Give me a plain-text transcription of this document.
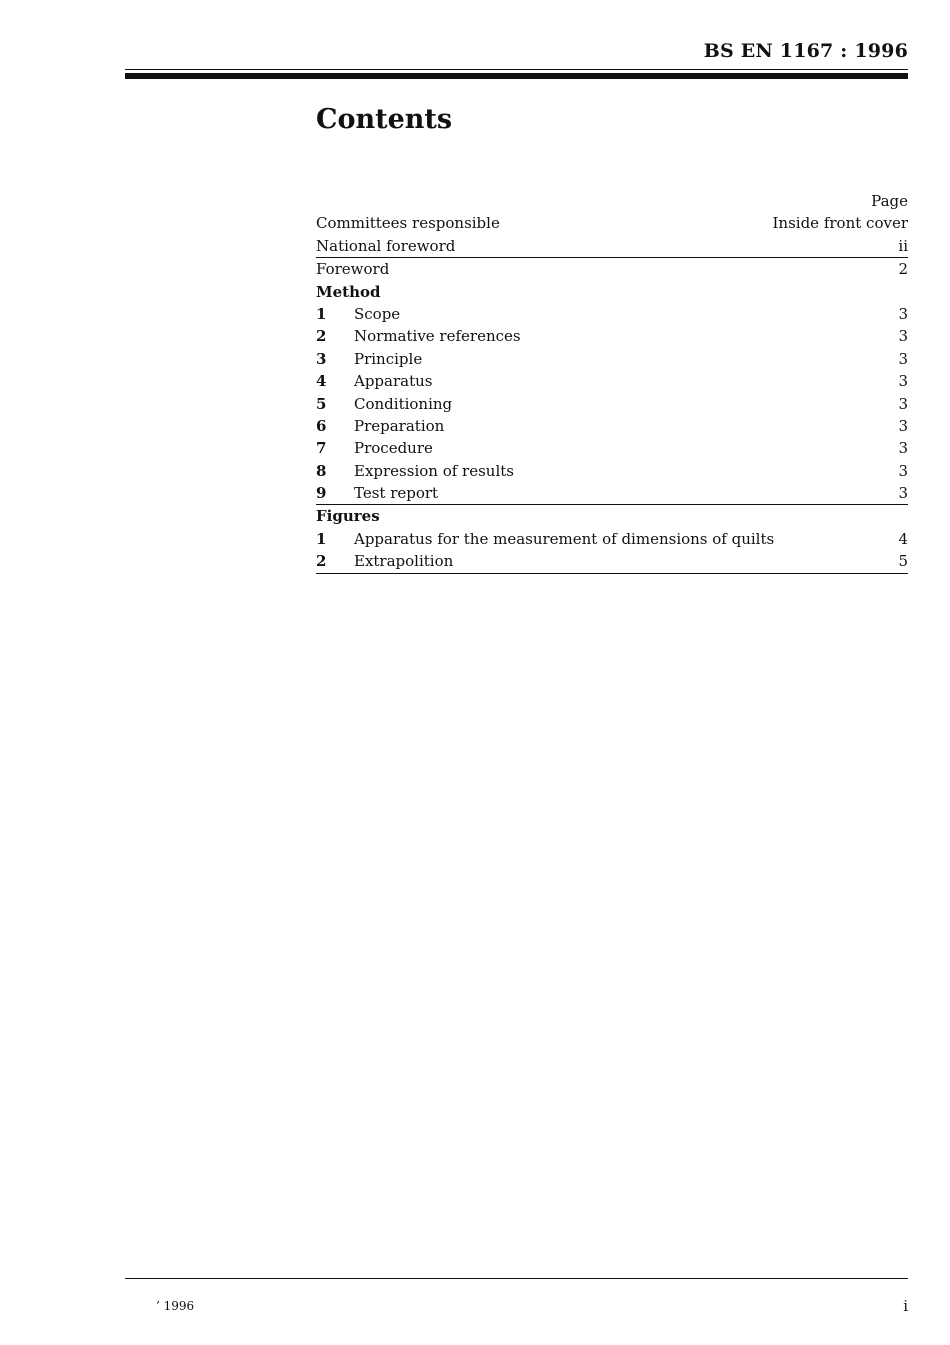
BS EN 1167 : 1996
Contents
Page
Committees responsible	Inside front cover
National foreword	ii
Foreword	2
Method
1	Scope	3
2	Normative references	3
3	Principle	3
4	Apparatus	3
5	Conditioning	3
6	Preparation	3
7	Procedure	3
8	Expression of results	3
9	Test report	3
Figures
1	Apparatus for the measurement of dimensions of quilts	4
2	Extrapolition	5
’ 1996	i
